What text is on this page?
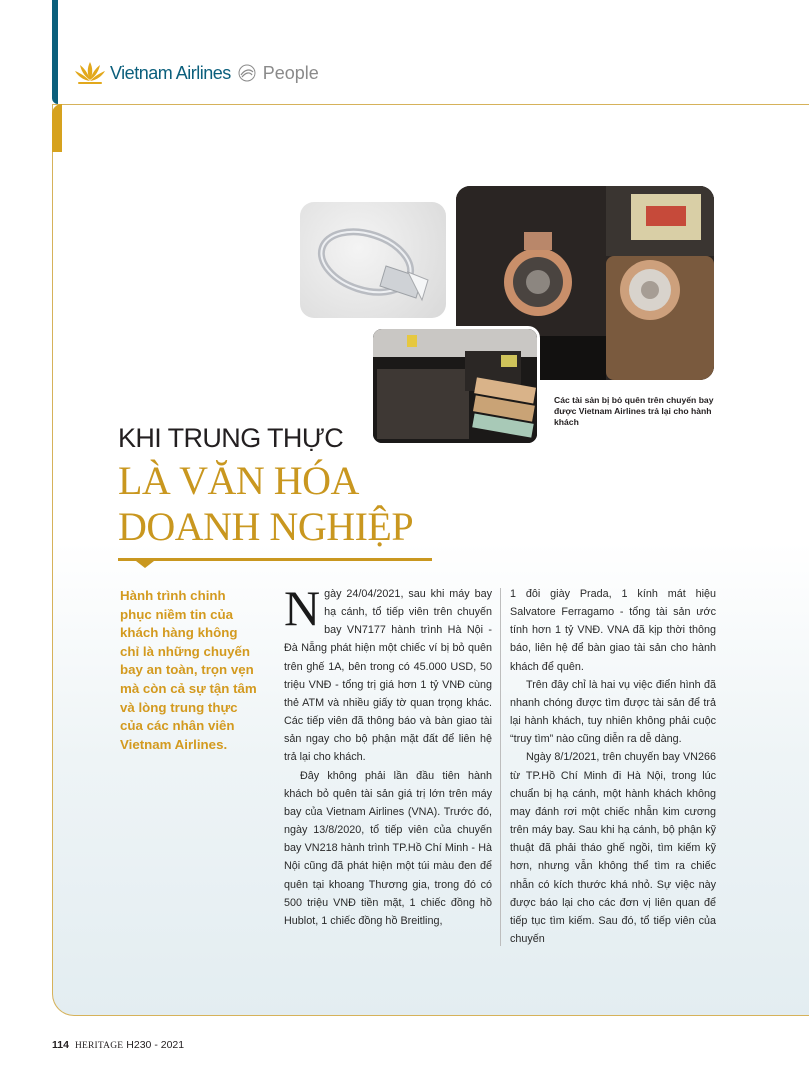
Vietnam Airlines People
Các tài sản bị bỏ quên trên chuyến bay được Vietnam Airlines trả lại cho hành khách
KHI TRUNG THỰC
LÀ VĂN HÓA
DOANH NGHIỆP
Hành trình chinh phục niềm tin của khách hàng không chỉ là những chuyến bay an toàn, trọn vẹn mà còn cả sự tận tâm và lòng trung thực của các nhân viên Vietnam Airlines.
N gày 24/04/2021, sau khi máy bay hạ cánh, tổ tiếp viên trên chuyến bay VN7177 hành trình Hà Nội - Đà Nẵng phát hiện một chiếc ví bị bỏ quên trên ghế 1A, bên trong có 45.000 USD, 50 triệu VNĐ - tổng trị giá hơn 1 tỷ VNĐ cùng thẻ ATM và nhiều giấy tờ quan trọng khác. Các tiếp viên đã thông báo và bàn giao tài sản ngay cho bộ phận mặt đất để liên hệ trả lại cho khách.

Đây không phải lần đầu tiên hành khách bỏ quên tài sản giá trị lớn trên máy bay của Vietnam Airlines (VNA). Trước đó, ngày 13/8/2020, tổ tiếp viên của chuyến bay VN218 hành trình TP.Hồ Chí Minh - Hà Nội cũng đã phát hiện một túi màu đen để quên tại khoang Thương gia, trong đó có 500 triệu VNĐ tiền mặt, 1 chiếc đồng hồ Hublot, 1 chiếc đồng hồ Breitling,

1 đôi giày Prada, 1 kính mát hiệu Salvatore Ferragamo - tổng tài sản ước tính hơn 1 tỷ VNĐ. VNA đã kịp thời thông báo, liên hệ để bàn giao tài sản cho hành khách để quên.

Trên đây chỉ là hai vụ việc điển hình đã nhanh chóng được tìm được tài sản để trả lại hành khách, tuy nhiên không phải cuộc “truy tìm” nào cũng diễn ra dễ dàng.

Ngày 8/1/2021, trên chuyến bay VN266 từ TP.Hồ Chí Minh đi Hà Nội, trong lúc chuẩn bị hạ cánh, một hành khách không may đánh rơi một chiếc nhẫn kim cương trên máy bay. Sau khi hạ cánh, bộ phận kỹ thuật đã phải tháo ghế ngồi, tìm kiếm kỹ hơn, nhưng vẫn không thể tìm ra chiếc nhẫn có kích thước khá nhỏ. Sự việc này được báo lại cho các đơn vị liên quan để tiếp tục tìm kiếm. Sau đó, tổ tiếp viên của chuyến

114 HERITAGE H230 - 2021
